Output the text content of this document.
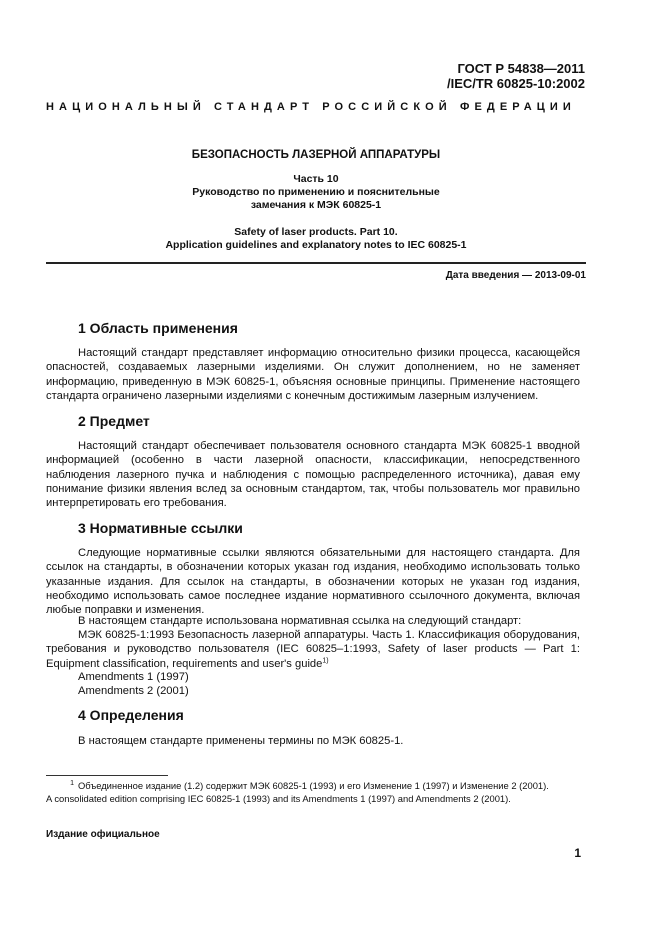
ГОСТ Р 54838—2011
/IEC/TR 60825-10:2002
НАЦИОНАЛЬНЫЙ СТАНДАРТ РОССИЙСКОЙ ФЕДЕРАЦИИ
БЕЗОПАСНОСТЬ ЛАЗЕРНОЙ АППАРАТУРЫ
Часть 10
Руководство по применению и пояснительные
замечания к МЭК 60825-1
Safety of laser products. Part 10.
Application guidelines and explanatory notes to IEC 60825-1
Дата введения — 2013-09-01
1 Область применения

Настоящий стандарт представляет информацию относительно физики процесса, касающейся опасностей, создаваемых лазерными изделиями. Он служит дополнением, но не заменяет информацию, приведенную в МЭК 60825-1, объясняя основные принципы. Применение настоящего стандарта ограничено лазерными изделиями с конечным достижимым лазерным излучением.

2 Предмет

Настоящий стандарт обеспечивает пользователя основного стандарта МЭК 60825-1 вводной информацией (особенно в части лазерной опасности, классификации, непосредственного наблюдения лазерного пучка и наблюдения с помощью распределенного источника), давая ему понимание физики явления вслед за основным стандартом, так, чтобы пользователь мог правильно интерпретировать его требования.

3 Нормативные ссылки

Следующие нормативные ссылки являются обязательными для настоящего стандарта. Для ссылок на стандарты, в обозначении которых указан год издания, необходимо использовать только указанные издания. Для ссылок на стандарты, в обозначении которых не указан год издания, необходимо использовать самое последнее издание нормативного ссылочного документа, включая любые поправки и изменения.

В настоящем стандарте использована нормативная ссылка на следующий стандарт:

МЭК 60825-1:1993 Безопасность лазерной аппаратуры. Часть 1. Классификация оборудования, требования и руководство пользователя (IEC 60825–1:1993, Safety of laser products — Part 1: Equipment classification, requirements and user's guide$^{1)}$

Amendments 1 (1997)
Amendments 2 (2001)
4 Определения

В настоящем стандарте применены термины по МЭК 60825-1.

$^1$ Объединенное издание (1.2) содержит МЭК 60825-1 (1993) и его Изменение 1 (1997) и Изменение 2 (2001).
A consolidated edition comprising IEC 60825-1 (1993) and its Amendments 1 (1997) and Amendments 2 (2001).
Издание официальное
1
